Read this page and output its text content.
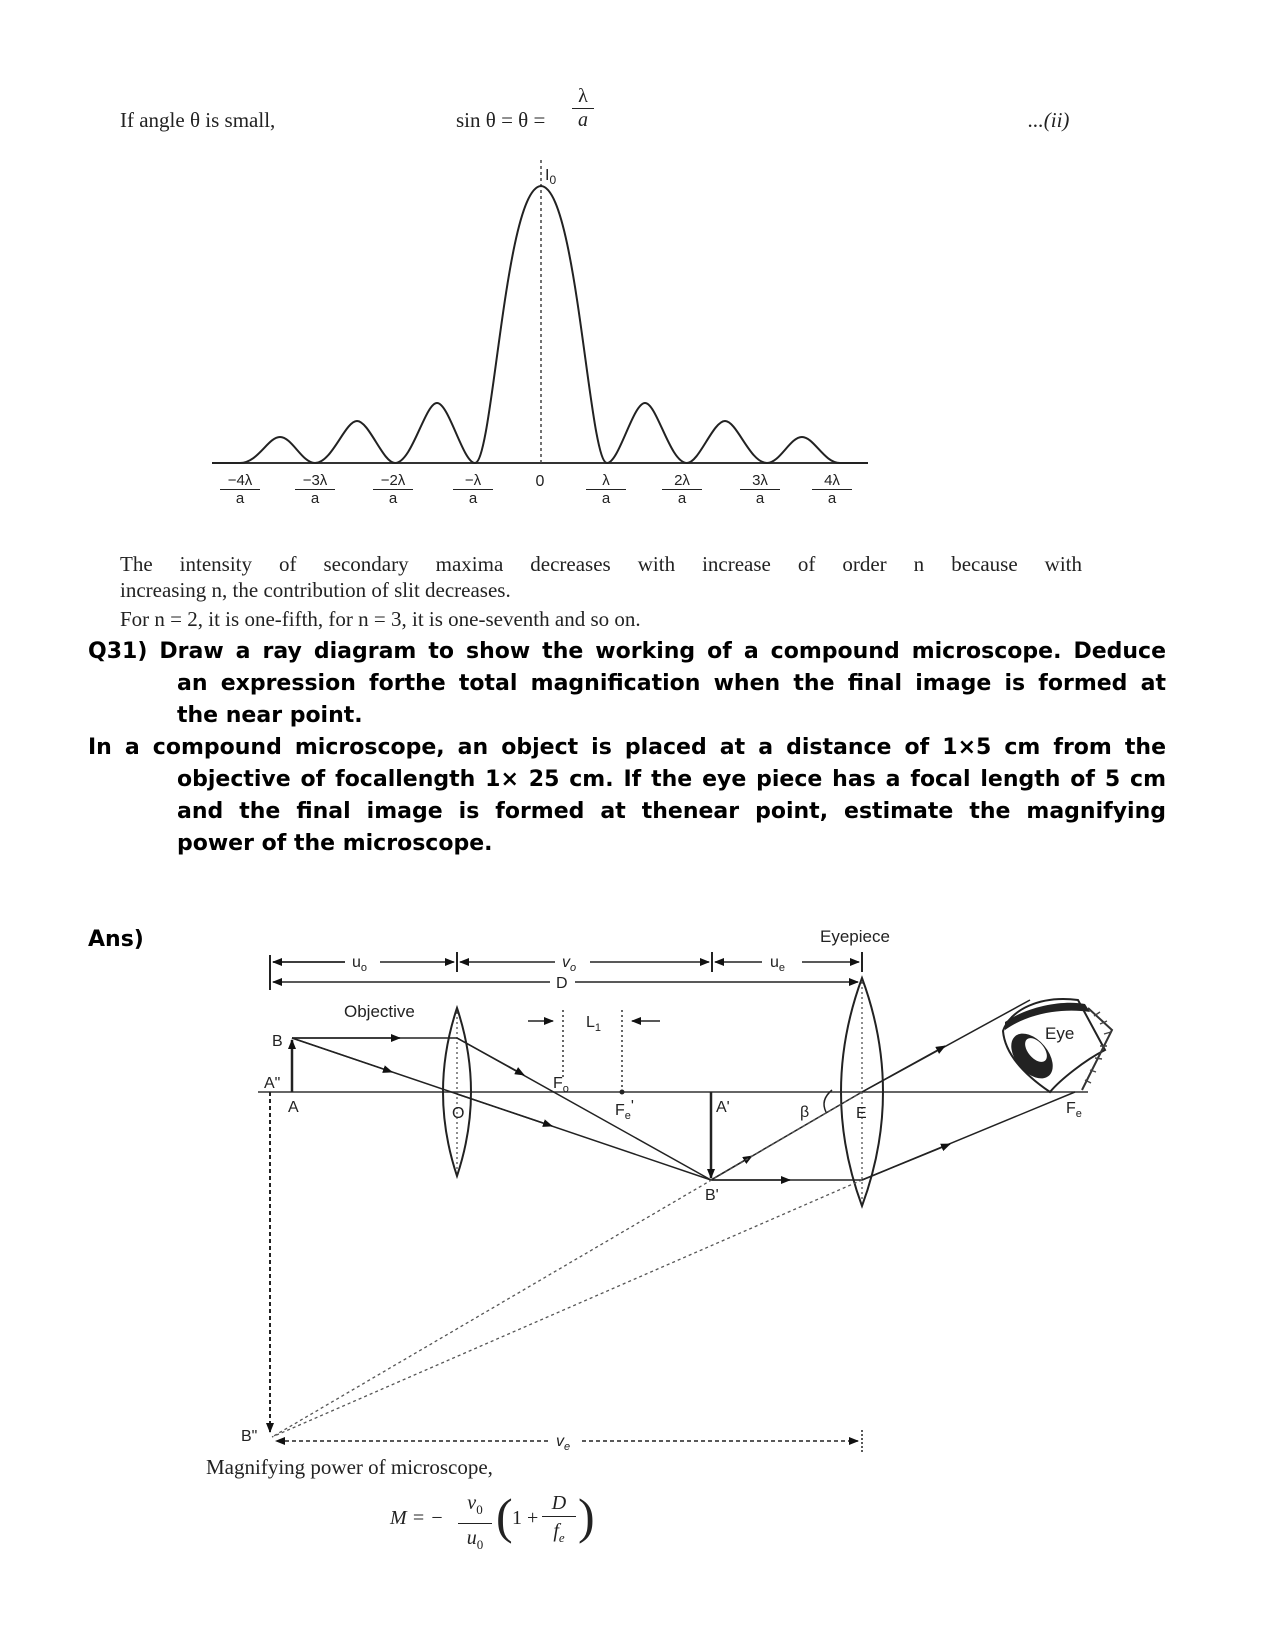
If angle θ is small,	sin θ = θ =
λ
a	...(ii)
$I_0$
0
$\frac{-4\lambda}{a} \frac{-3\lambda}{a}$	$\frac{-2\lambda}{a}$	$\frac{-\lambda}{a}$	$\frac{\lambda}{a} \frac{2\lambda}{a}$	$\frac{3\lambda}{a} \frac{4\lambda}{a}$
The intensity of secondary maxima decreases with increase of order n because with
increasing n, the contribution of slit decreases.
For n = 2, it is one-fifth, for n = 3, it is one-seventh and so on.
Q31) Draw a ray diagram to show the working of a compound microscope. Deduce
an expression forthe total magnification when the final image is formed at
the near point.
In a compound microscope, an object is placed at a distance of 1×5 cm from the
objective of focallength 1× 25 cm. If the eye piece has a focal length of 5 cm
and the final image is formed at thenear point, estimate the magnifying
power of the microscope.
Ans)
$u_o$	$v_o$	$u_e$
D
Eyepiece
Objective
$L_1$
$v_e$
B
A"
A
B"
O
$F_o$
$F_e'$	A'
B'
β	E	$F_e$
Eye
Magnifying power of microscope,
M = −
$v_0$
$u_0$
( 1 +
D
$f_e$ )
